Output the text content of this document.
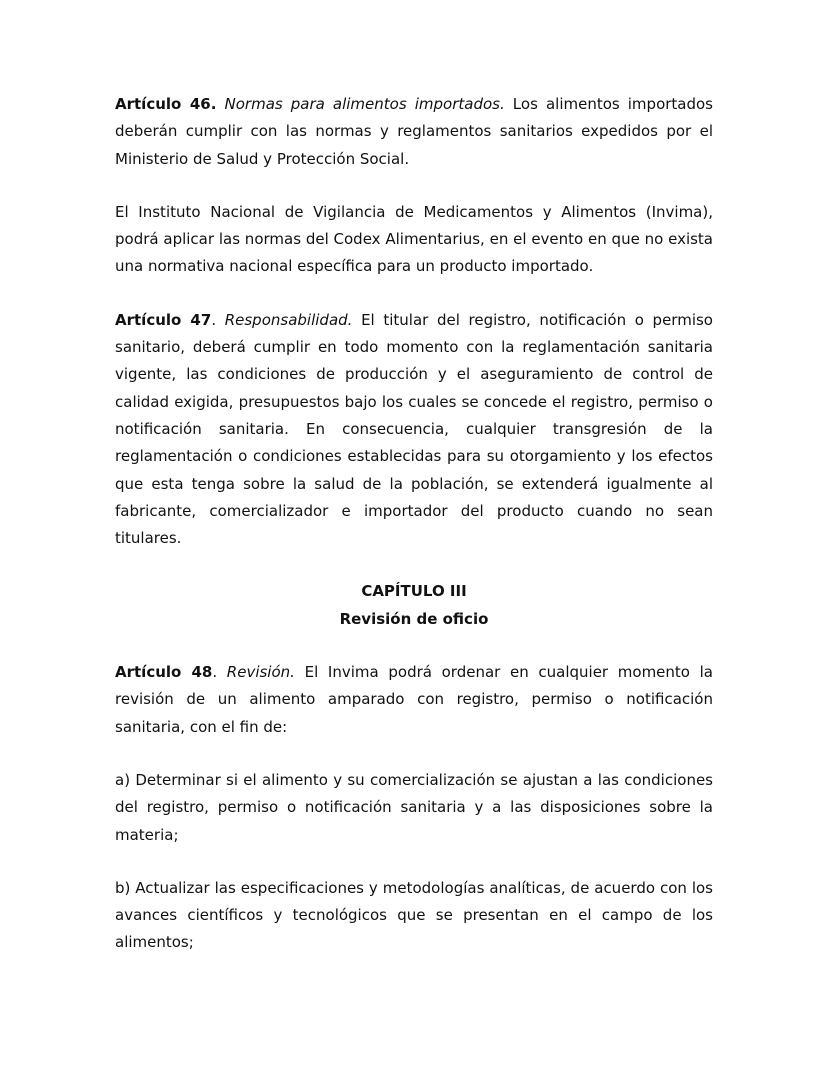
Artículo 46. Normas para alimentos importados. Los alimentos importados deberán cumplir con las normas y reglamentos sanitarios expedidos por el Ministerio de Salud y Protección Social.

El Instituto Nacional de Vigilancia de Medicamentos y Alimentos (Invima), podrá aplicar las normas del Codex Alimentarius, en el evento en que no exista una normativa nacional específica para un producto importado.

Artículo 47. Responsabilidad. El titular del registro, notificación o permiso sanitario, deberá cumplir en todo momento con la reglamentación sanitaria vigente, las condiciones de producción y el aseguramiento de control de calidad exigida, presupuestos bajo los cuales se concede el registro, permiso o notificación sanitaria. En consecuencia, cualquier transgresión de la reglamentación o condiciones establecidas para su otorgamiento y los efectos que esta tenga sobre la salud de la población, se extenderá igualmente al fabricante, comercializador e importador del producto cuando no sean titulares.

CAPÍTULO III
Revisión de oficio

Artículo 48. Revisión. El Invima podrá ordenar en cualquier momento la revisión de un alimento amparado con registro, permiso o notificación sanitaria, con el fin de:

a) Determinar si el alimento y su comercialización se ajustan a las condiciones del registro, permiso o notificación sanitaria y a las disposiciones sobre la materia;

b) Actualizar las especificaciones y metodologías analíticas, de acuerdo con los avances científicos y tecnológicos que se presentan en el campo de los alimentos;
